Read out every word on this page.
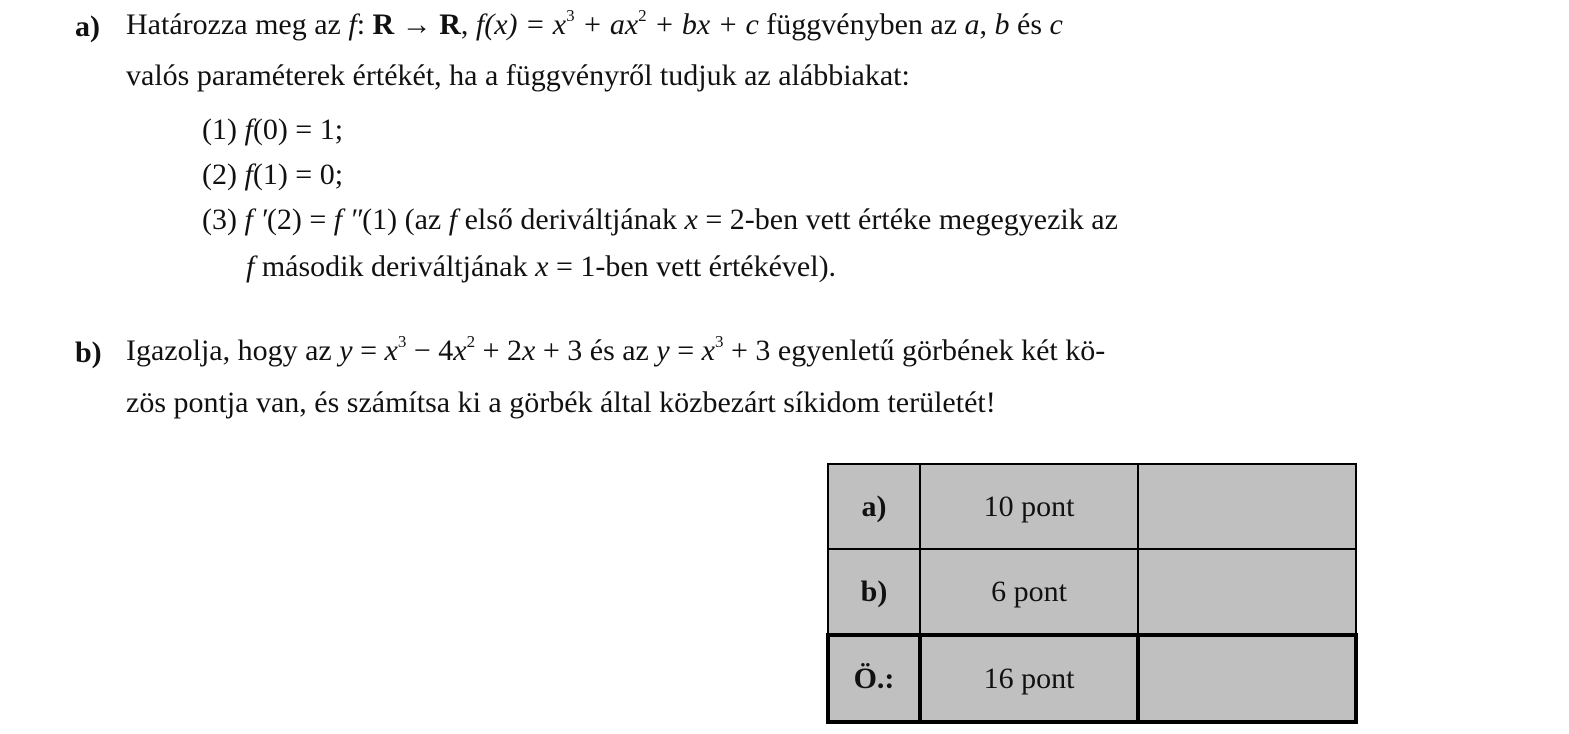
a) Határozza meg az f: R → R, $f(x) = x^3 + ax^2$ + bx + c függvényben az a, b és c
valós paraméterek értékét, ha a függvényről tudjuk az alábbiakat:
(1) f(0) = 1;
(2) f(1) = 0;
(3) f ′(2) = f ″(1) (az f első deriváltjának x = 2-ben vett értéke megegyezik az
f második deriváltjának x = 1-ben vett értékével).
b) Igazolja, hogy az $y = x^3 - 4x^2 + 2x + 3$ és az $y = x^3 + 3$ egyenletű görbének két kö-
zös pontja van, és számítsa ki a görbék által közbezárt síkidom területét!
a)	10 pont	
b)	6 pont	
Ö.:	16 pont	
